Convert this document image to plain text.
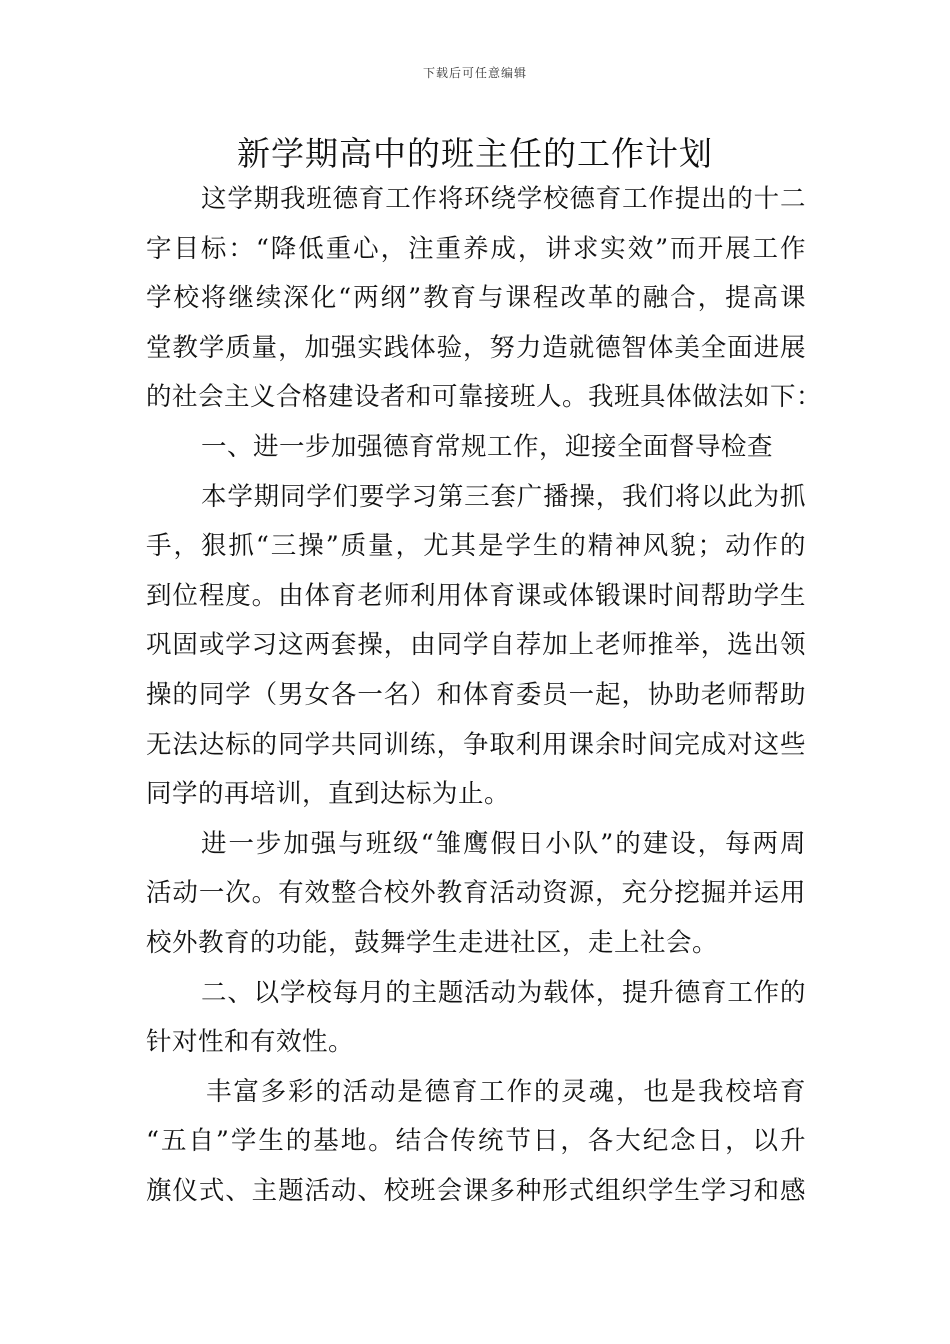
下载后可任意编辑
新学期高中的班主任的工作计划
这学期我班德育工作将环绕学校德育工作提出的十二
字目标：“降低重心，注重养成，讲求实效”而开展工作
学校将继续深化“两纲”教育与课程改革的融合，提高课
堂教学质量，加强实践体验，努力造就德智体美全面进展
的社会主义合格建设者和可靠接班人。我班具体做法如下：
一、进一步加强德育常规工作，迎接全面督导检查
本学期同学们要学习第三套广播操，我们将以此为抓
手，狠抓“三操”质量，尤其是学生的精神风貌；动作的
到位程度。由体育老师利用体育课或体锻课时间帮助学生
巩固或学习这两套操，由同学自荐加上老师推举，选出领
操的同学（男女各一名）和体育委员一起，协助老师帮助
无法达标的同学共同训练，争取利用课余时间完成对这些
同学的再培训，直到达标为止。
进一步加强与班级“雏鹰假日小队”的建设，每两周
活动一次。有效整合校外教育活动资源，充分挖掘并运用
校外教育的功能，鼓舞学生走进社区，走上社会。
二、以学校每月的主题活动为载体，提升德育工作的
针对性和有效性。
丰富多彩的活动是德育工作的灵魂，也是我校培育
“五自”学生的基地。结合传统节日，各大纪念日，以升
旗仪式、主题活动、校班会课多种形式组织学生学习和感
